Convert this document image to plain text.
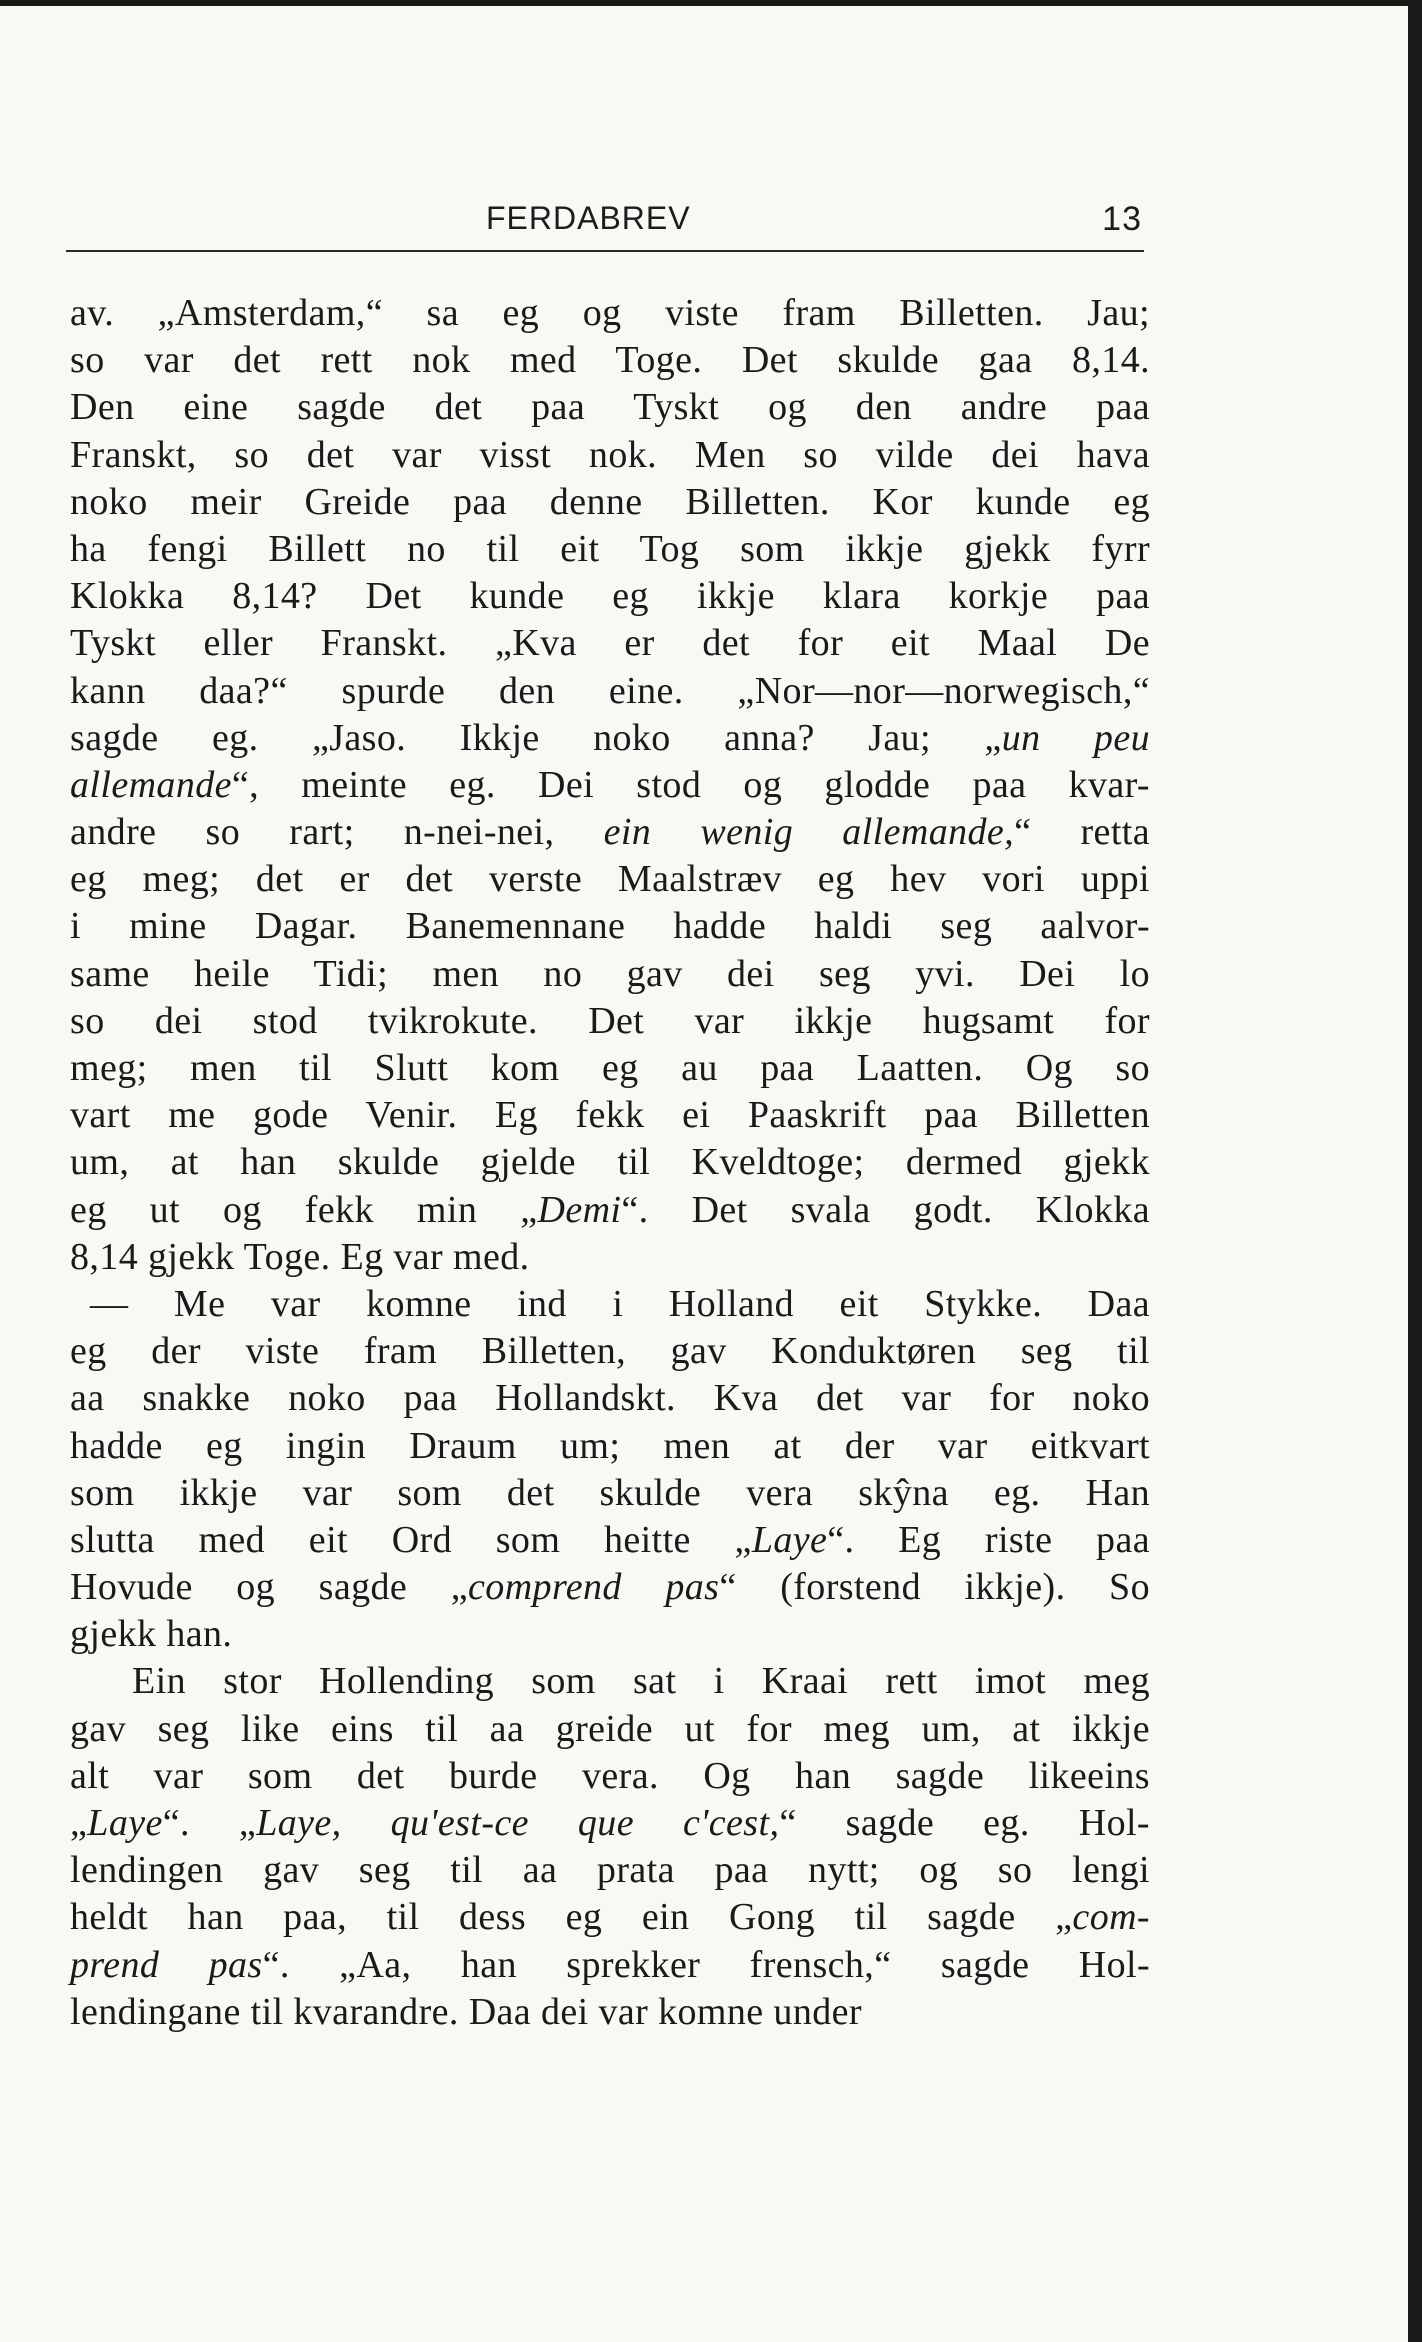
FERDABREV	13
av. „Amsterdam,“ sa eg og viste fram Billetten. Jau;
so var det rett nok med Toge. Det skulde gaa 8,14.
Den eine sagde det paa Tyskt og den andre paa
Franskt, so det var visst nok. Men so vilde dei hava
noko meir Greide paa denne Billetten. Kor kunde eg
ha fengi Billett no til eit Tog som ikkje gjekk fyrr
Klokka 8,14? Det kunde eg ikkje klara korkje paa
Tyskt eller Franskt. „Kva er det for eit Maal De
kann daa?“ spurde den eine. „Nor—nor—norwegisch,“
sagde eg. „Jaso. Ikkje noko anna? Jau; „un peu
allemande“, meinte eg. Dei stod og glodde paa kvar-
andre so rart; n-nei-nei, ein wenig allemande,“ retta
eg meg; det er det verste Maalstræv eg hev vori uppi
i mine Dagar. Banemennane hadde haldi seg aalvor-
same heile Tidi; men no gav dei seg yvi. Dei lo
so dei stod tvikrokute. Det var ikkje hugsamt for
meg; men til Slutt kom eg au paa Laatten. Og so
vart me gode Venir. Eg fekk ei Paaskrift paa Billetten
um, at han skulde gjelde til Kveldtoge; dermed gjekk
eg ut og fekk min „Demi“. Det svala godt. Klokka
8,14 gjekk Toge. Eg var med.
— Me var komne ind i Holland eit Stykke. Daa
eg der viste fram Billetten, gav Konduktøren seg til
aa snakke noko paa Hollandskt. Kva det var for noko
hadde eg ingin Draum um; men at der var eitkvart
som ikkje var som det skulde vera skŷna eg. Han
slutta med eit Ord som heitte „Laye“. Eg riste paa
Hovude og sagde „comprend pas“ (forstend ikkje). So
gjekk han.
Ein stor Hollending som sat i Kraai rett imot meg
gav seg like eins til aa greide ut for meg um, at ikkje
alt var som det burde vera. Og han sagde likeeins
„Laye“. „Laye, qu'est-ce que c'cest,“ sagde eg. Hol-
lendingen gav seg til aa prata paa nytt; og so lengi
heldt han paa, til dess eg ein Gong til sagde „com-
prend pas“. „Aa, han sprekker frensch,“ sagde Hol-
lendingane til kvarandre. Daa dei var komne under
